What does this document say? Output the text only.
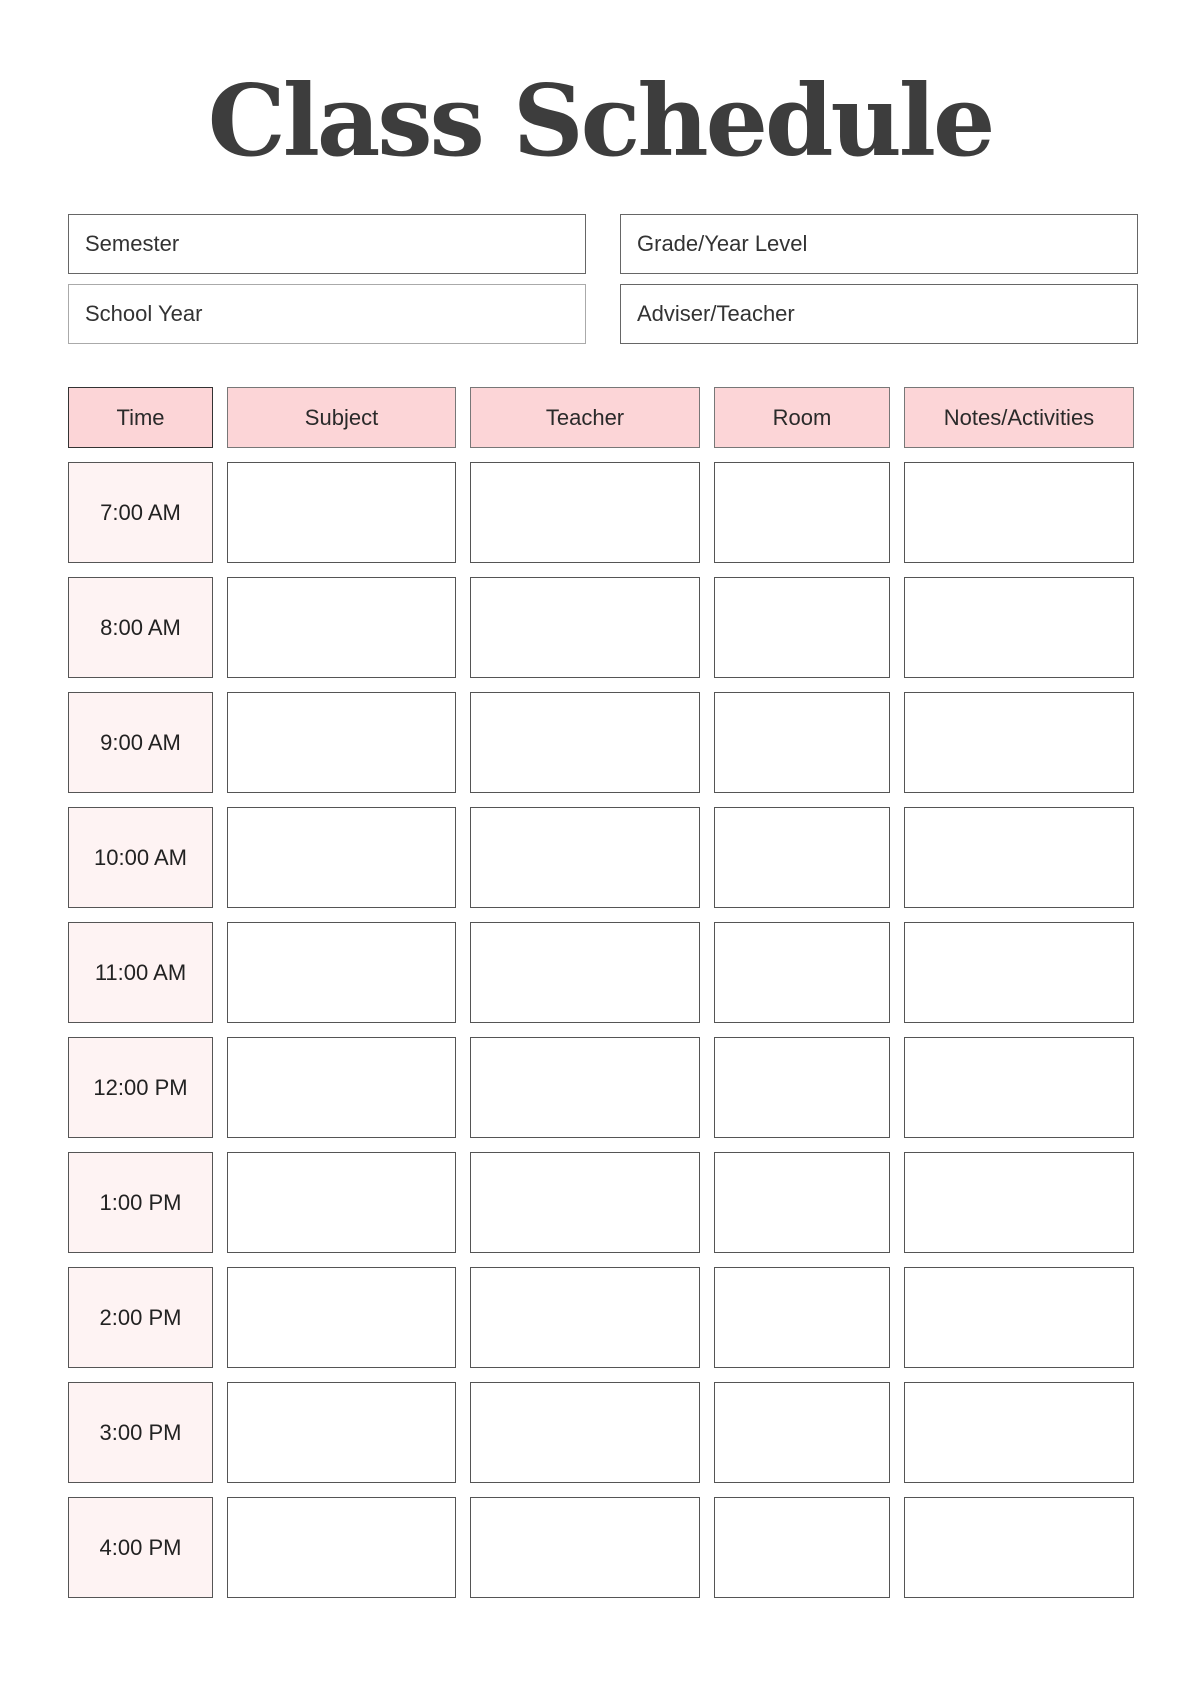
Class Schedule
Semester	Grade/Year Level
School Year	Adviser/Teacher
Time	Subject	Teacher	Room	Notes/Activities
7:00 AM
8:00 AM
9:00 AM
10:00 AM
11:00 AM
12:00 PM
1:00 PM
2:00 PM
3:00 PM
4:00 PM
